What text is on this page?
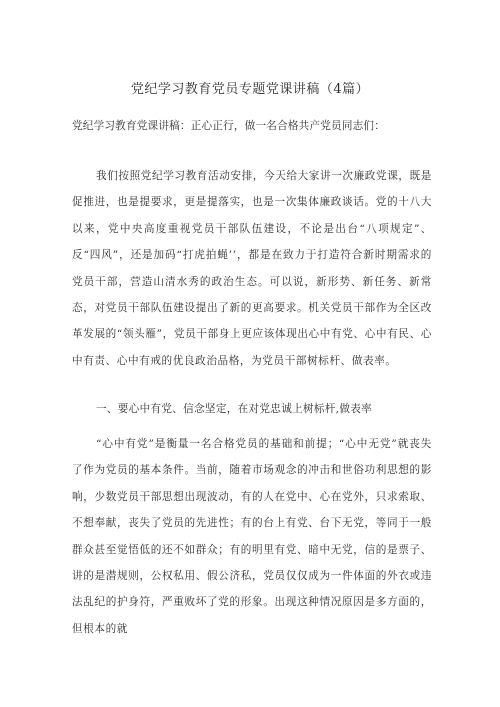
党纪学习教育党员专题党课讲稿（4篇）
党纪学习教育党课讲稿：正心正行，做一名合格共产党员同志们：

我们按照党纪学习教育活动安排，今天给大家讲一次廉政党课，既是促推进，也是提要求，更是提落实，也是一次集体廉政谈话。党的十八大以来，党中央高度重视党员干部队伍建设，不论是出台“八项规定”、反“四风”，还是加码“打虎拍蝇’’，都是在致力于打造符合新时期需求的党员干部，营造山清水秀的政治生态。可以说，新形势、新任务、新常态，对党员干部队伍建设提出了新的更高要求。机关党员干部作为全区改革发展的“领头雁”，党员干部身上更应该体现出心中有党、心中有民、心中有责、心中有戒的优良政治品格，为党员干部树标杆、做表率。

一、要心中有党、信念坚定，在对党忠诚上树标杆,做表率

“心中有党”是衡量一名合格党员的基础和前提；“心中无党”就丧失了作为党员的基本条件。当前，随着市场观念的冲击和世俗功利思想的影响，少数党员干部思想出现波动，有的人在党中、心在党外，只求索取、不想奉献，丧失了党员的先进性；有的台上有党、台下无党，等同于一般群众甚至觉悟低的还不如群众；有的明里有党、暗中无党，信的是票子、讲的是潜规则，公权私用、假公济私，党员仅仅成为一件体面的外衣或违法乱纪的护身符，严重败坏了党的形象。出现这种情况原因是多方面的，但根本的就
